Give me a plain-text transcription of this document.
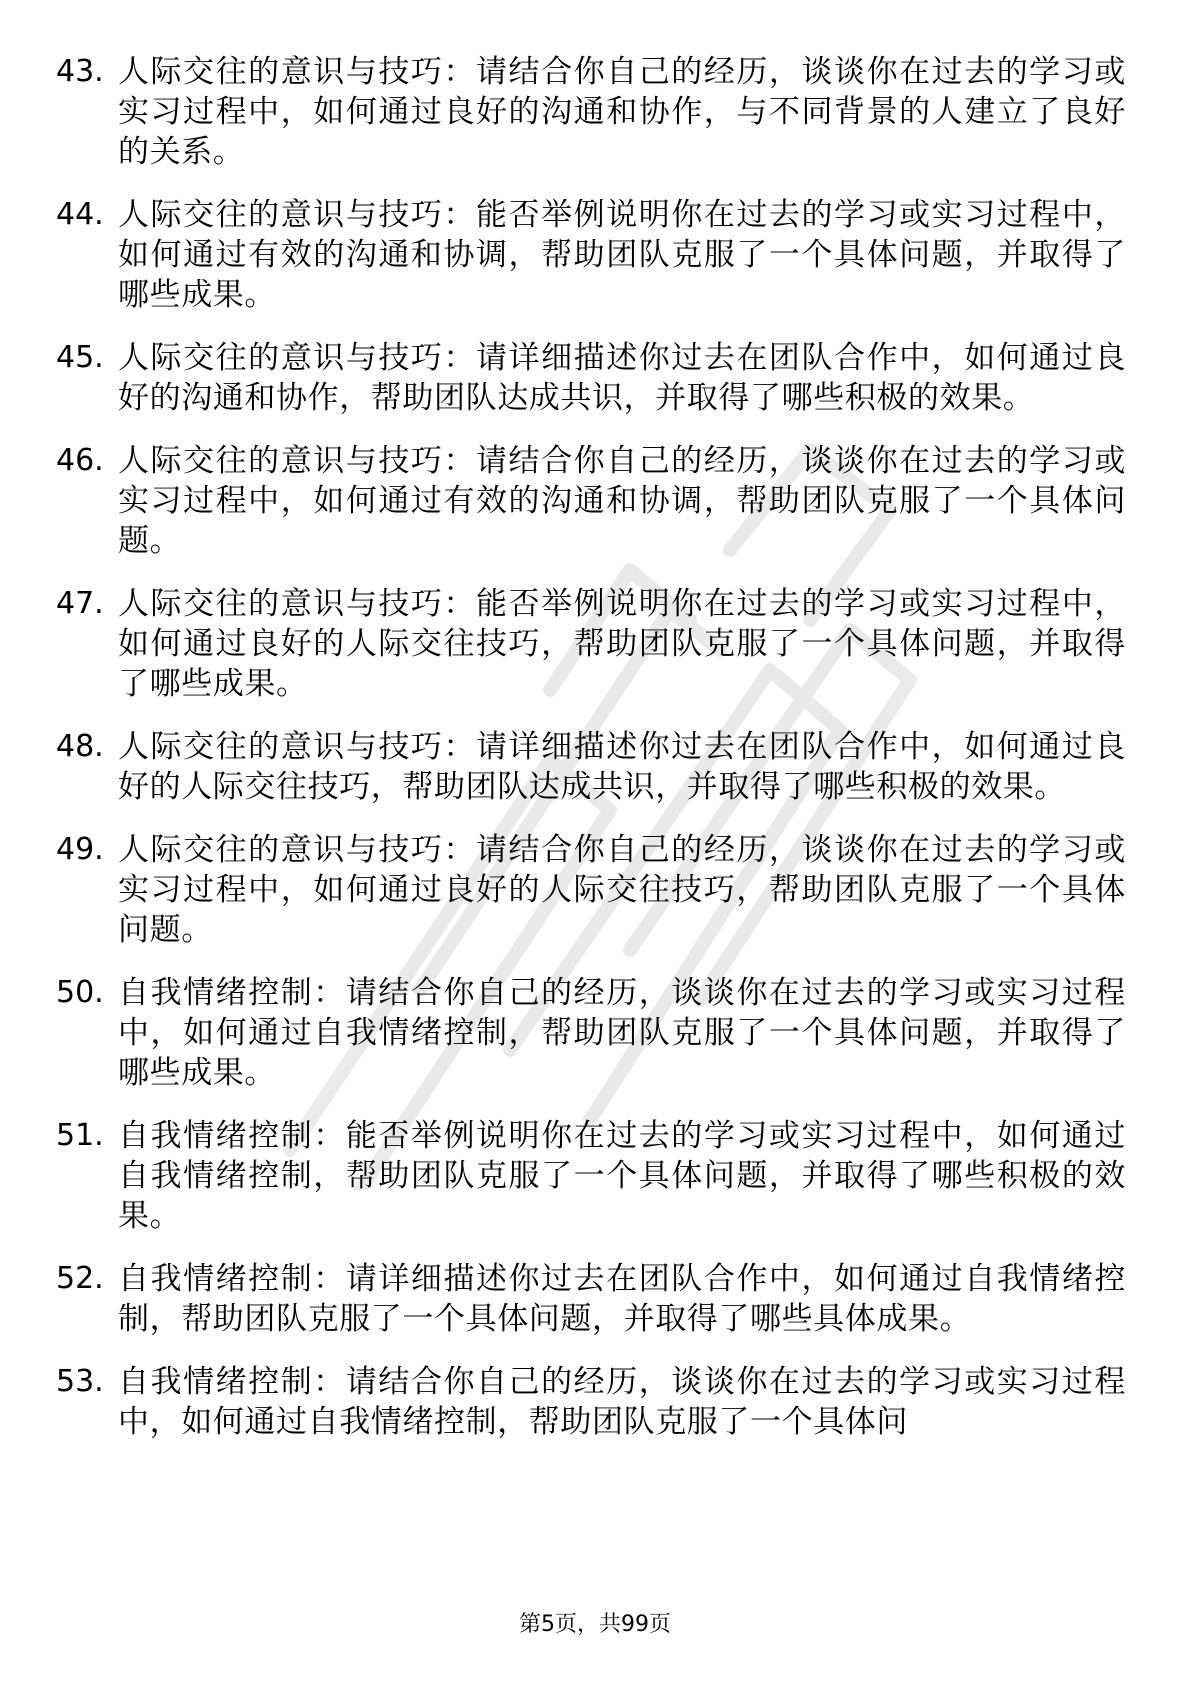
43. 人际交往的意识与技巧：请结合你自己的经历，谈谈你在过去的学习或实习过程中，如何通过良好的沟通和协作，与不同背景的人建立了良好的关系。
44. 人际交往的意识与技巧：能否举例说明你在过去的学习或实习过程中，如何通过有效的沟通和协调，帮助团队克服了一个具体问题，并取得了哪些成果。
45. 人际交往的意识与技巧：请详细描述你过去在团队合作中，如何通过良好的沟通和协作，帮助团队达成共识，并取得了哪些积极的效果。
46. 人际交往的意识与技巧：请结合你自己的经历，谈谈你在过去的学习或实习过程中，如何通过有效的沟通和协调，帮助团队克服了一个具体问题。
47. 人际交往的意识与技巧：能否举例说明你在过去的学习或实习过程中，如何通过良好的人际交往技巧，帮助团队克服了一个具体问题，并取得了哪些成果。
48. 人际交往的意识与技巧：请详细描述你过去在团队合作中，如何通过良好的人际交往技巧，帮助团队达成共识，并取得了哪些积极的效果。
49. 人际交往的意识与技巧：请结合你自己的经历，谈谈你在过去的学习或实习过程中，如何通过良好的人际交往技巧，帮助团队克服了一个具体问题。
50. 自我情绪控制：请结合你自己的经历，谈谈你在过去的学习或实习过程中，如何通过自我情绪控制，帮助团队克服了一个具体问题，并取得了哪些成果。
51. 自我情绪控制：能否举例说明你在过去的学习或实习过程中，如何通过自我情绪控制，帮助团队克服了一个具体问题，并取得了哪些积极的效果。
52. 自我情绪控制：请详细描述你过去在团队合作中，如何通过自我情绪控制，帮助团队克服了一个具体问题，并取得了哪些具体成果。
53. 自我情绪控制：请结合你自己的经历，谈谈你在过去的学习或实习过程中，如何通过自我情绪控制，帮助团队克服了一个具体问
第5页，共99页
